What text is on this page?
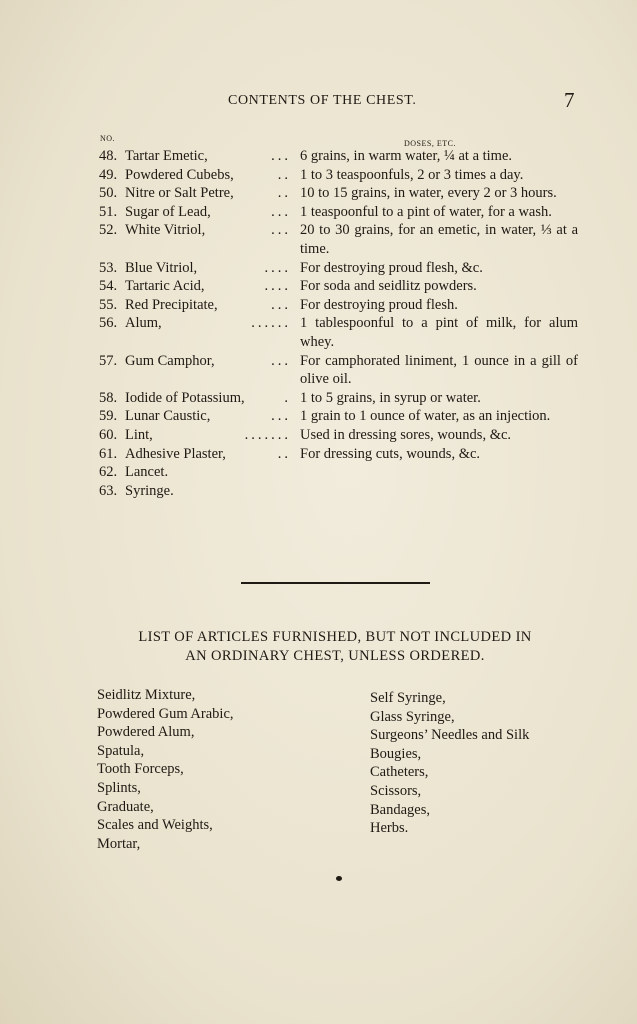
CONTENTS OF THE CHEST.	7
NO.
DOSES, ETC.
48. Tartar Emetic,	... 6 grains, in warm water, ¼ at a time.
49. Powdered Cubebs,	.. 1 to 3 teaspoonfuls, 2 or 3 times a day.
50. Nitre or Salt Petre,	.. 10 to 15 grains, in water, every 2 or 3 hours.
51. Sugar of Lead,	... 1 teaspoonful to a pint of water, for a wash.
52. White Vitriol,	... 20 to 30 grains, for an emetic, in water, ⅓ at a time.
53. Blue Vitriol,	.... For destroying proud flesh, &c.
54. Tartaric Acid,	.... For soda and seidlitz powders.
55. Red Precipitate,	... For destroying proud flesh.
56. Alum,	...... 1 tablespoonful to a pint of milk, for alum whey.
57. Gum Camphor,	... For camphorated liniment, 1 ounce in a gill of olive oil.
58. Iodide of Potassium,	. 1 to 5 grains, in syrup or water.
59. Lunar Caustic,	... 1 grain to 1 ounce of water, as an injection.
60. Lint,	....... Used in dressing sores, wounds, &c.
61. Adhesive Plaster,	.. For dressing cuts, wounds, &c.
62. Lancet.
63. Syringe.
LIST OF ARTICLES FURNISHED, BUT NOT INCLUDED IN
AN ORDINARY CHEST, UNLESS ORDERED.
Seidlitz Mixture,
Powdered Gum Arabic,
Powdered Alum,
Spatula,
Tooth Forceps,
Splints,
Graduate,
Scales and Weights,
Mortar,
Self Syringe,
Glass Syringe,
Surgeons’ Needles and Silk
Bougies,
Catheters,
Scissors,
Bandages,
Herbs.
